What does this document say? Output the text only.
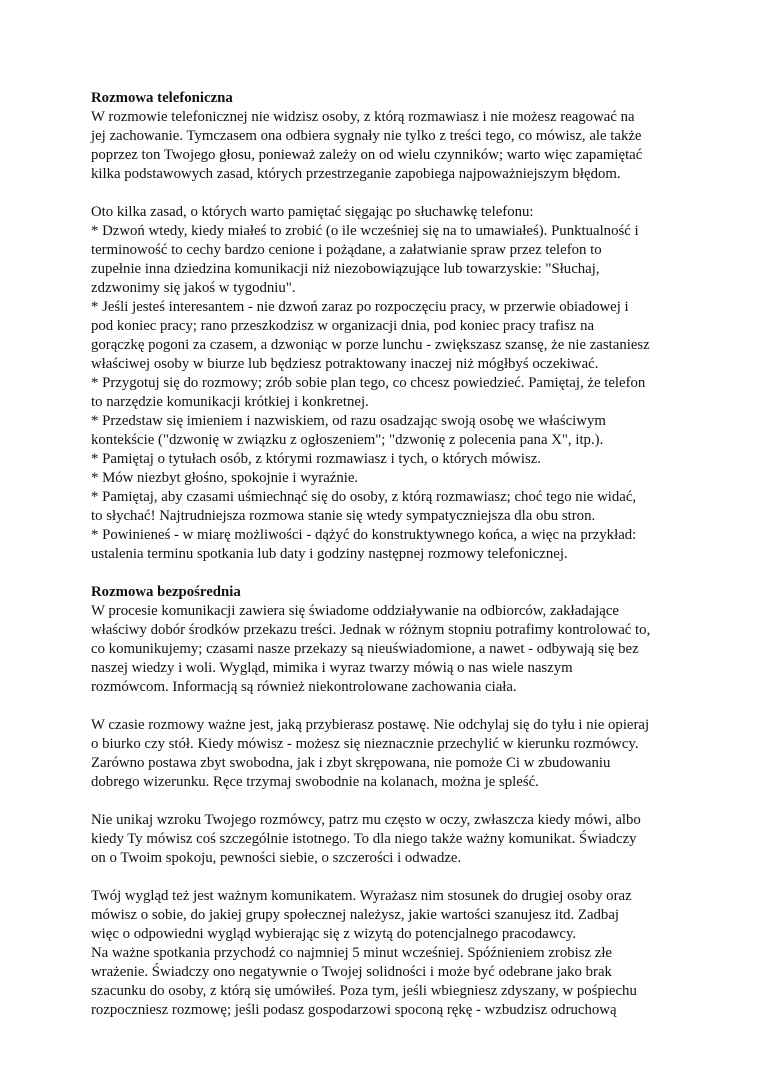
Rozmowa telefoniczna

W rozmowie telefonicznej nie widzisz osoby, z którą rozmawiasz i nie możesz reagować na
jej zachowanie. Tymczasem ona odbiera sygnały nie tylko z treści tego, co mówisz, ale także
poprzez ton Twojego głosu, ponieważ zależy on od wielu czynników; warto więc zapamiętać
kilka podstawowych zasad, których przestrzeganie zapobiega najpoważniejszym błędom.

Oto kilka zasad, o których warto pamiętać sięgając po słuchawkę telefonu:
* Dzwoń wtedy, kiedy miałeś to zrobić (o ile wcześniej się na to umawiałeś). Punktualność i
terminowość to cechy bardzo cenione i pożądane, a załatwianie spraw przez telefon to
zupełnie inna dziedzina komunikacji niż niezobowiązujące lub towarzyskie: "Słuchaj,
zdzwonimy się jakoś w tygodniu".
* Jeśli jesteś interesantem - nie dzwoń zaraz po rozpoczęciu pracy, w przerwie obiadowej i
pod koniec pracy; rano przeszkodzisz w organizacji dnia, pod koniec pracy trafisz na
gorączkę pogoni za czasem, a dzwoniąc w porze lunchu - zwiększasz szansę, że nie zastaniesz
właściwej osoby w biurze lub będziesz potraktowany inaczej niż mógłbyś oczekiwać.
* Przygotuj się do rozmowy; zrób sobie plan tego, co chcesz powiedzieć. Pamiętaj, że telefon
to narzędzie komunikacji krótkiej i konkretnej.
* Przedstaw się imieniem i nazwiskiem, od razu osadzając swoją osobę we właściwym
kontekście ("dzwonię w związku z ogłoszeniem"; "dzwonię z polecenia pana X", itp.).
* Pamiętaj o tytułach osób, z którymi rozmawiasz i tych, o których mówisz.
* Mów niezbyt głośno, spokojnie i wyraźnie.
* Pamiętaj, aby czasami uśmiechnąć się do osoby, z którą rozmawiasz; choć tego nie widać,
to słychać! Najtrudniejsza rozmowa stanie się wtedy sympatyczniejsza dla obu stron.
* Powinieneś - w miarę możliwości - dążyć do konstruktywnego końca, a więc na przykład:
ustalenia terminu spotkania lub daty i godziny następnej rozmowy telefonicznej.

Rozmowa bezpośrednia

W procesie komunikacji zawiera się świadome oddziaływanie na odbiorców, zakładające
właściwy dobór środków przekazu treści. Jednak w różnym stopniu potrafimy kontrolować to,
co komunikujemy; czasami nasze przekazy są nieuświadomione, a nawet - odbywają się bez
naszej wiedzy i woli. Wygląd, mimika i wyraz twarzy mówią o nas wiele naszym
rozmówcom. Informacją są również niekontrolowane zachowania ciała.

W czasie rozmowy ważne jest, jaką przybierasz postawę. Nie odchylaj się do tyłu i nie opieraj
o biurko czy stół. Kiedy mówisz - możesz się nieznacznie przechylić w kierunku rozmówcy.
Zarówno postawa zbyt swobodna, jak i zbyt skrępowana, nie pomoże Ci w zbudowaniu
dobrego wizerunku. Ręce trzymaj swobodnie na kolanach, można je spleść.

Nie unikaj wzroku Twojego rozmówcy, patrz mu często w oczy, zwłaszcza kiedy mówi, albo
kiedy Ty mówisz coś szczególnie istotnego. To dla niego także ważny komunikat. Świadczy
on o Twoim spokoju, pewności siebie, o szczerości i odwadze.

Twój wygląd też jest ważnym komunikatem. Wyrażasz nim stosunek do drugiej osoby oraz
mówisz o sobie, do jakiej grupy społecznej należysz, jakie wartości szanujesz itd. Zadbaj
więc o odpowiedni wygląd wybierając się z wizytą do potencjalnego pracodawcy.
Na ważne spotkania przychodź co najmniej 5 minut wcześniej. Spóźnieniem zrobisz złe
wrażenie. Świadczy ono negatywnie o Twojej solidności i może być odebrane jako brak
szacunku do osoby, z którą się umówiłeś. Poza tym, jeśli wbiegniesz zdyszany, w pośpiechu
rozpoczniesz rozmowę; jeśli podasz gospodarzowi spoconą rękę - wzbudzisz odruchową
